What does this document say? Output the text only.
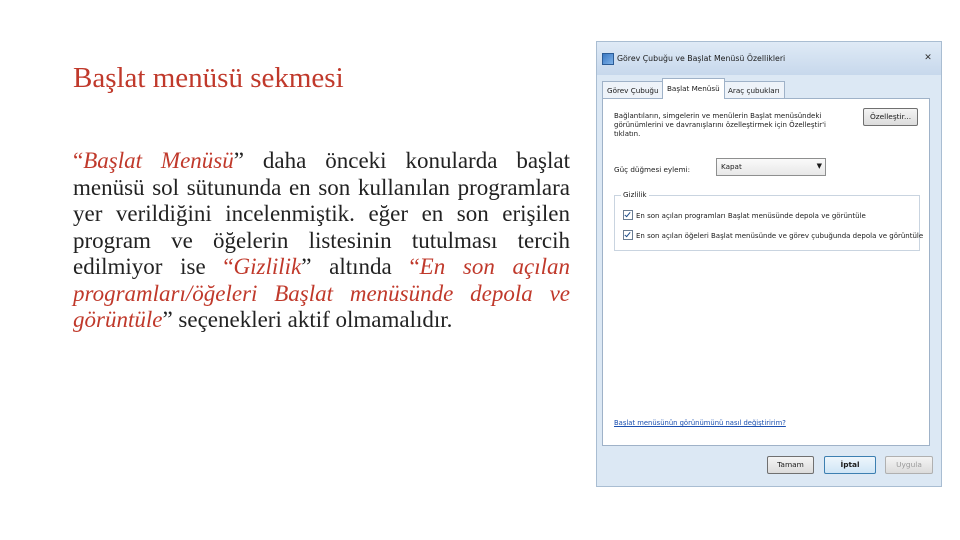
Başlat menüsü sekmesi
“Başlat Menüsü” daha önceki konularda başlat menüsü sol sütununda en son kullanılan programlara yer verildiğini incelenmiştik. eğer en son erişilen program ve öğelerin listesinin tutulması tercih edilmiyor ise “Gizlilik” altında “En son açılan programları/öğeleri Başlat menüsünde depola ve görüntüle” seçenekleri aktif olmamalıdır.
Görev Çubuğu ve Başlat Menüsü Özellikleri	✕
Görev Çubuğu	Başlat Menüsü	Araç çubukları
Bağlantıların, simgelerin ve menülerin Başlat menüsündeki görünümlerini ve davranışlarını özelleştirmek için Özelleştir'i tıklatın.
Özelleştir...
Güç düğmesi eylemi:	Kapat	▼
Gizlilik
En son açılan programları Başlat menüsünde depola ve görüntüle
En son açılan öğeleri Başlat menüsünde ve görev çubuğunda depola ve görüntüle
Başlat menüsünün görünümünü nasıl değiştiririm?
Tamam	İptal	Uygula
